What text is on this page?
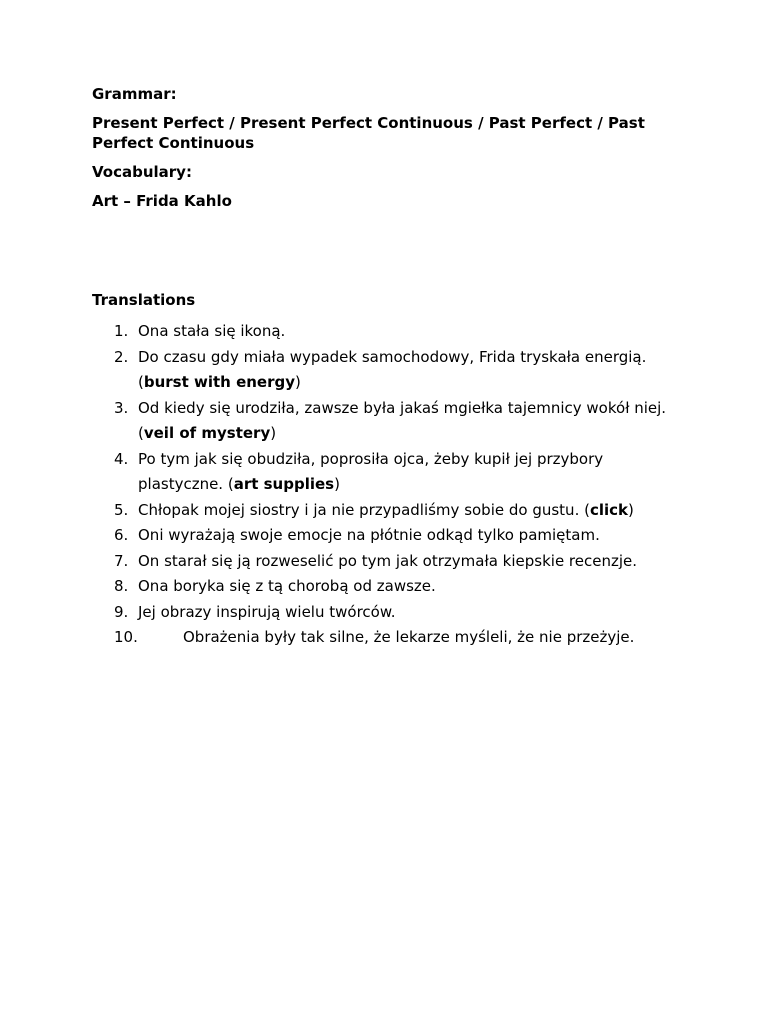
Grammar:
Present Perfect / Present Perfect Continuous / Past Perfect / Past Perfect Continuous
Vocabulary:
Art – Frida Kahlo
Translations
1. Ona stała się ikoną.
2. Do czasu gdy miała wypadek samochodowy, Frida tryskała energią. (burst with energy)
3. Od kiedy się urodziła, zawsze była jakaś mgiełka tajemnicy wokół niej. (veil of mystery)
4. Po tym jak się obudziła, poprosiła ojca, żeby kupił jej przybory plastyczne. (art supplies)
5. Chłopak mojej siostry i ja nie przypadliśmy sobie do gustu. (click)
6. Oni wyrażają swoje emocje na płótnie odkąd tylko pamiętam.
7. On starał się ją rozweselić po tym jak otrzymała kiepskie recenzje.
8. Ona boryka się z tą chorobą od zawsze.
9. Jej obrazy inspirują wielu twórców.
10.	Obrażenia były tak silne, że lekarze myśleli, że nie przeżyje.
